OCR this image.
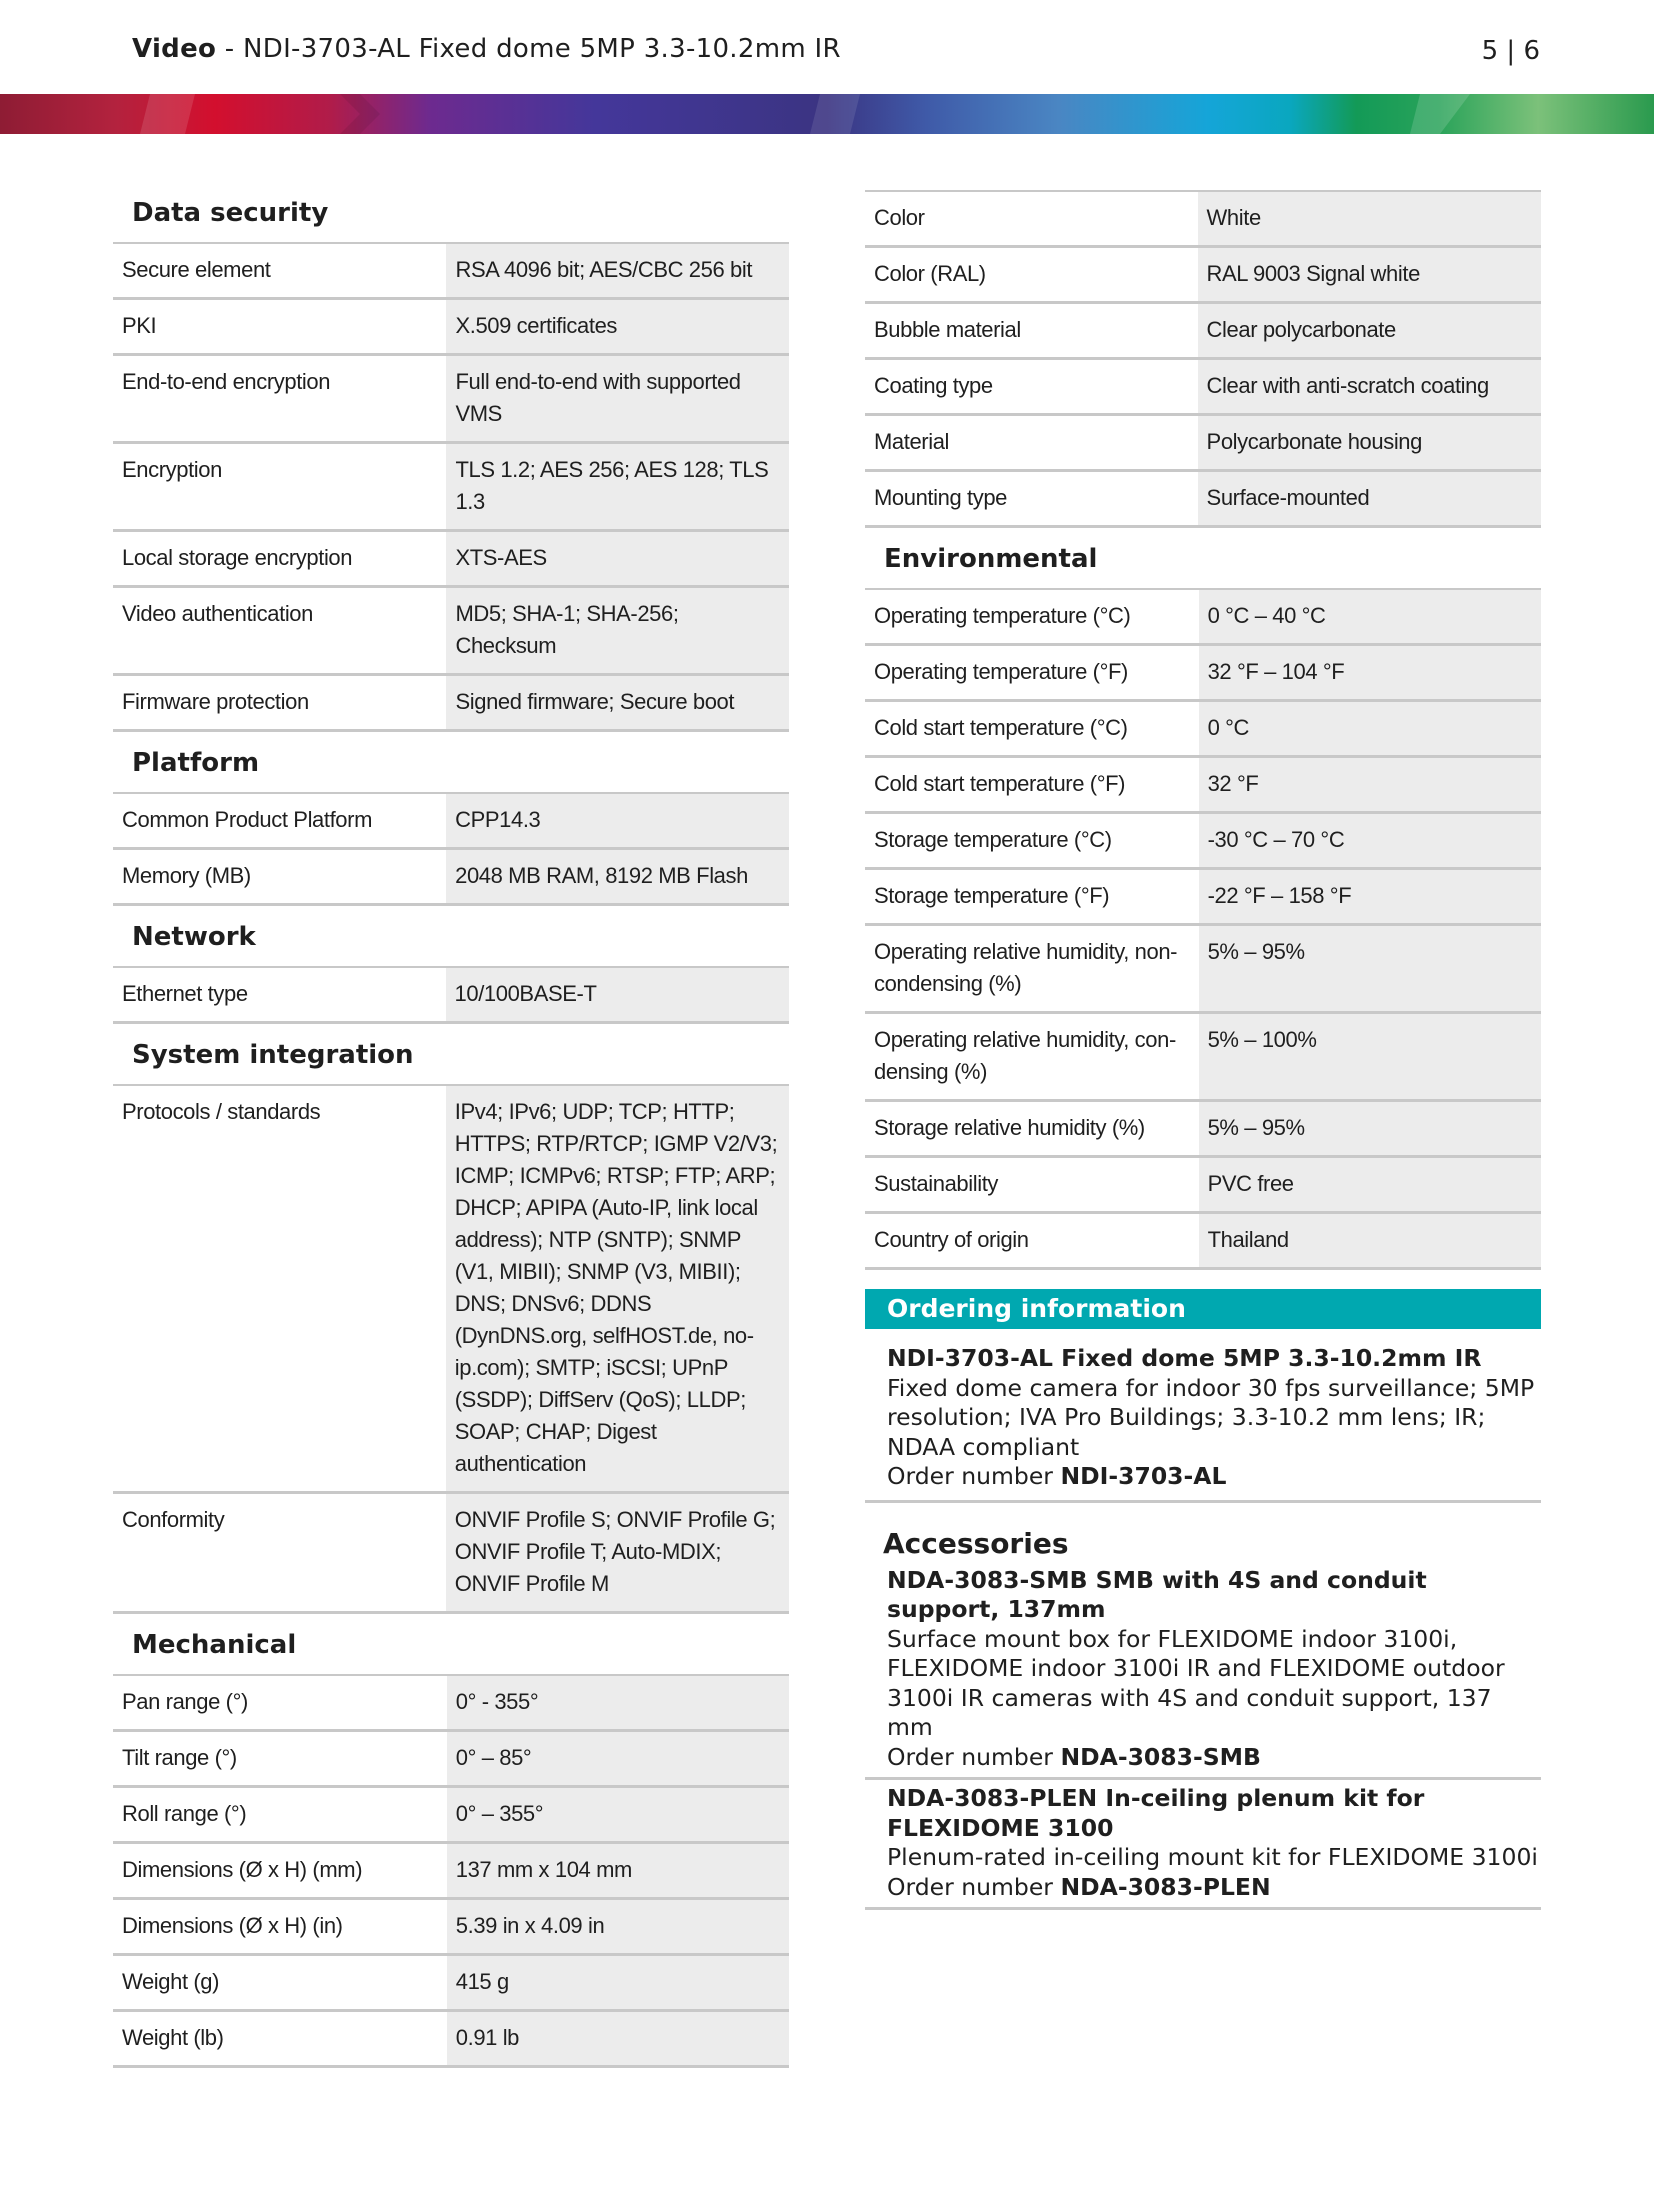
Video - NDI-3703-AL Fixed dome 5MP 3.3-10.2mm IR	5 | 6
Data security
Secure element	RSA 4096 bit; AES/CBC 256 bit
PKI	X.509 certificates
End-to-end encryption	Full end-to-end with supported VMS
Encryption	TLS 1.2; AES 256; AES 128; TLS 1.3
Local storage encryption	XTS-AES
Video authentication	MD5; SHA-1; SHA-256; Checksum
Firmware protection	Signed firmware; Secure boot
Platform
Common Product Platform	CPP14.3
Memory (MB)	2048 MB RAM, 8192 MB Flash
Network
Ethernet type	10/100BASE-T
System integration
Protocols / standards	IPv4; IPv6; UDP; TCP; HTTP; HTTPS; RTP/RTCP; IGMP V2/V3; ICMP; ICMPv6; RTSP; FTP; ARP; DHCP; APIPA (Auto-IP, link local address); NTP (SNTP); SNMP (V1, MIBII); SNMP (V3, MIBII); DNS; DNSv6; DDNS (DynDNS.org, selfHOST.de, no-ip.com); SMTP; iSCSI; UPnP (SSDP); DiffServ (QoS); LLDP; SOAP; CHAP; Digest authentication
Conformity	ONVIF Profile S; ONVIF Profile G; ONVIF Profile T; Auto-MDIX; ONVIF Profile M
Mechanical
Pan range (°)	0° - 355°
Tilt range (°)	0° – 85°
Roll range (°)	0° – 355°
Dimensions (Ø x H) (mm)	137 mm x 104 mm
Dimensions (Ø x H) (in)	5.39 in x 4.09 in
Weight (g)	415 g
Weight (lb)	0.91 lb
Color	White
Color (RAL)	RAL 9003 Signal white
Bubble material	Clear polycarbonate
Coating type	Clear with anti-scratch coating
Material	Polycarbonate housing
Mounting type	Surface-mounted
Environmental
Operating temperature (°C)	0 °C – 40 °C
Operating temperature (°F)	32 °F – 104 °F
Cold start temperature (°C)	0 °C
Cold start temperature (°F)	32 °F
Storage temperature (°C)	-30 °C – 70 °C
Storage temperature (°F)	-22 °F – 158 °F
Operating relative humidity, non-condensing (%)	5% – 95%
Operating relative humidity, con-densing (%)	5% – 100%
Storage relative humidity (%)	5% – 95%
Sustainability	PVC free
Country of origin	Thailand
Ordering information
NDI-3703-AL Fixed dome 5MP 3.3-10.2mm IR
Fixed dome camera for indoor 30 fps surveillance; 5MP resolution; IVA Pro Buildings; 3.3-10.2 mm lens; IR; NDAA compliant
Order number NDI-3703-AL
Accessories
NDA-3083-SMB SMB with 4S and conduit support, 137mm
Surface mount box for FLEXIDOME indoor 3100i, FLEXIDOME indoor 3100i IR and FLEXIDOME outdoor 3100i IR cameras with 4S and conduit support, 137 mm
Order number NDA-3083-SMB
NDA-3083-PLEN In-ceiling plenum kit for FLEXIDOME 3100
Plenum-rated in-ceiling mount kit for FLEXIDOME 3100i
Order number NDA-3083-PLEN
